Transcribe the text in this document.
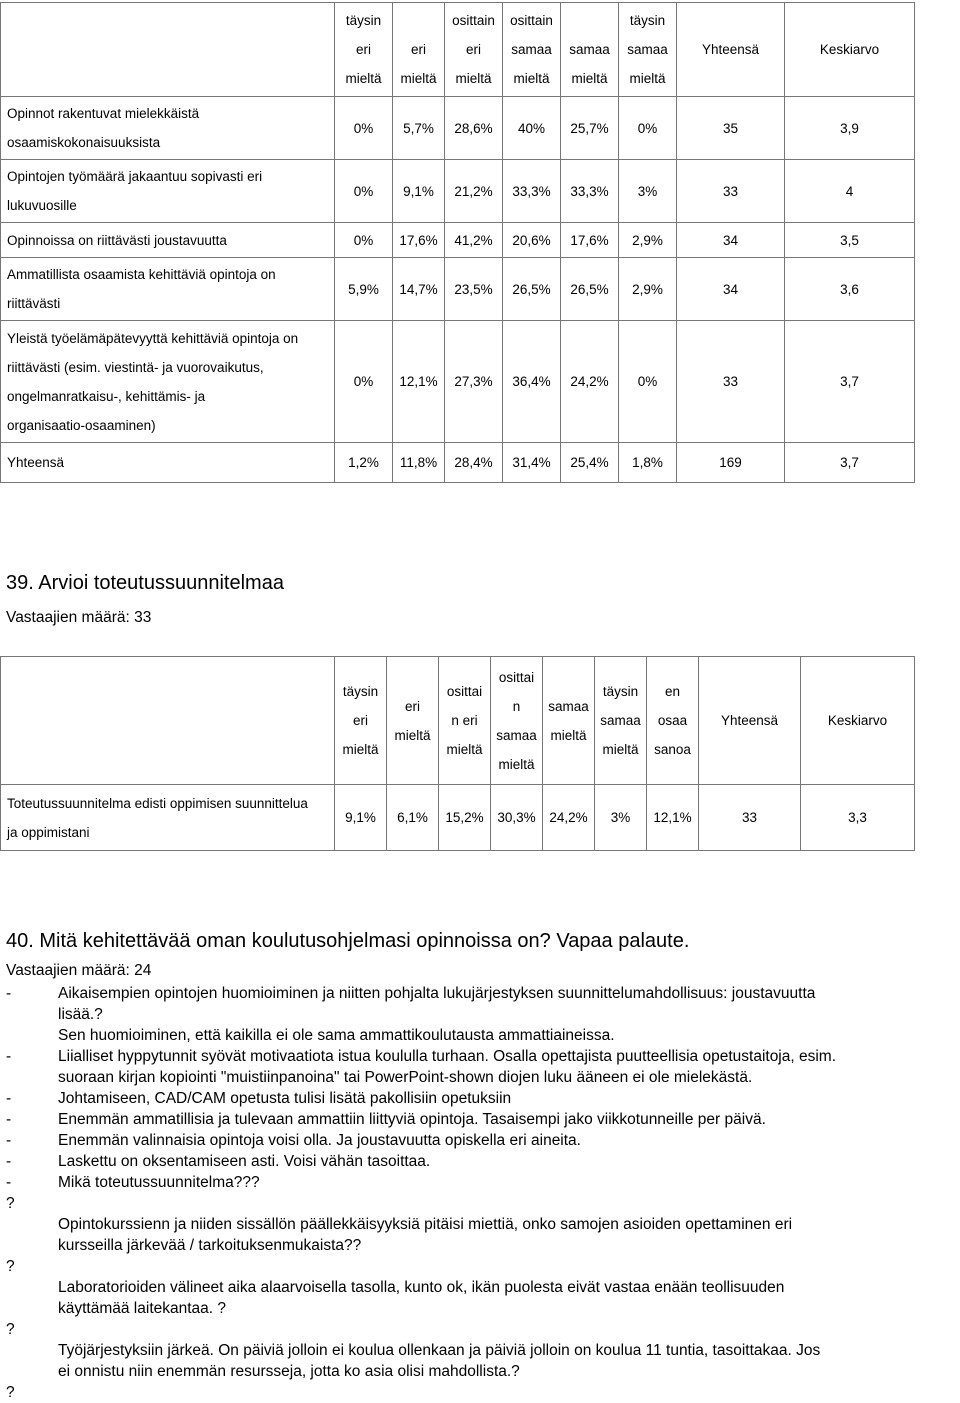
	täysin
eri
mieltä	eri
mieltä	osittain
eri
mieltä	osittain
samaa
mieltä	samaa
mieltä	täysin
samaa
mieltä	Yhteensä	Keskiarvo

Opinnot rakentuvat mielekkäistä
osaamiskokonaisuuksista	0%	5,7%	28,6%	40%	25,7%	0%	35	3,9

Opintojen työmäärä jakaantuu sopivasti eri
lukuvuosille	0%	9,1%	21,2%	33,3%	33,3%	3%	33	4

Opinnoissa on riittävästi joustavuutta	0%	17,6%	41,2%	20,6%	17,6%	2,9%	34	3,5

Ammatillista osaamista kehittäviä opintoja on
riittävästi	5,9%	14,7%	23,5%	26,5%	26,5%	2,9%	34	3,6

Yleistä työelämäpätevyyttä kehittäviä opintoja on
riittävästi (esim. viestintä- ja vuorovaikutus,
ongelmanratkaisu-, kehittämis- ja
organisaatio-osaaminen)	0%	12,1%	27,3%	36,4%	24,2%	0%	33	3,7

Yhteensä	1,2%	11,8%	28,4%	31,4%	25,4%	1,8%	169	3,7
39. Arvioi toteutussuunnitelmaa

Vastaajien määrä: 33

	täysin
eri
mieltä	eri
mieltä	osittai
n eri
mieltä	osittai
n
samaa
mieltä	samaa
mieltä	täysin
samaa
mieltä	en
osaa
sanoa	Yhteensä	Keskiarvo

Toteutussuunnitelma edisti oppimisen suunnittelua
ja oppimistani	9,1%	6,1%	15,2%	30,3%	24,2%	3%	12,1%	33	3,3
40. Mitä kehitettävää oman koulutusohjelmasi opinnoissa on? Vapaa palaute.

Vastaajien määrä: 24

-	Aikaisempien opintojen huomioiminen ja niitten pohjalta lukujärjestyksen suunnittelumahdollisuus: joustavuutta
lisää.?
Sen huomioiminen, että kaikilla ei ole sama ammattikoulutausta ammattiaineissa.
-	Liialliset hyppytunnit syövät motivaatiota istua koululla turhaan. Osalla opettajista puutteellisia opetustaitoja, esim.
suoraan kirjan kopiointi "muistiinpanoina" tai PowerPoint-shown diojen luku ääneen ei ole mielekästä.
-	Johtamiseen, CAD/CAM opetusta tulisi lisätä pakollisiin opetuksiin
-	Enemmän ammatillisia ja tulevaan ammattiin liittyviä opintoja. Tasaisempi jako viikkotunneille per päivä.
-	Enemmän valinnaisia opintoja voisi olla. Ja joustavuutta opiskella eri aineita.
-	Laskettu on oksentamiseen asti. Voisi vähän tasoittaa.
-	Mikä toteutussuunnitelma???
?

Opintokurssienn ja niiden sissällön päällekkäisyyksiä pitäisi miettiä, onko samojen asioiden opettaminen eri
kursseilla järkevää / tarkoituksenmukaista??
?

Laboratorioiden välineet aika alaarvoisella tasolla, kunto ok, ikän puolesta eivät vastaa enään teollisuuden
käyttämää laitekantaa. ?
?

Työjärjestyksiin järkeä. On päiviä jolloin ei koulua ollenkaan ja päiviä jolloin on koulua 11 tuntia, tasoittakaa. Jos
ei onnistu niin enemmän resursseja, jotta ko asia olisi mahdollista.?
?
